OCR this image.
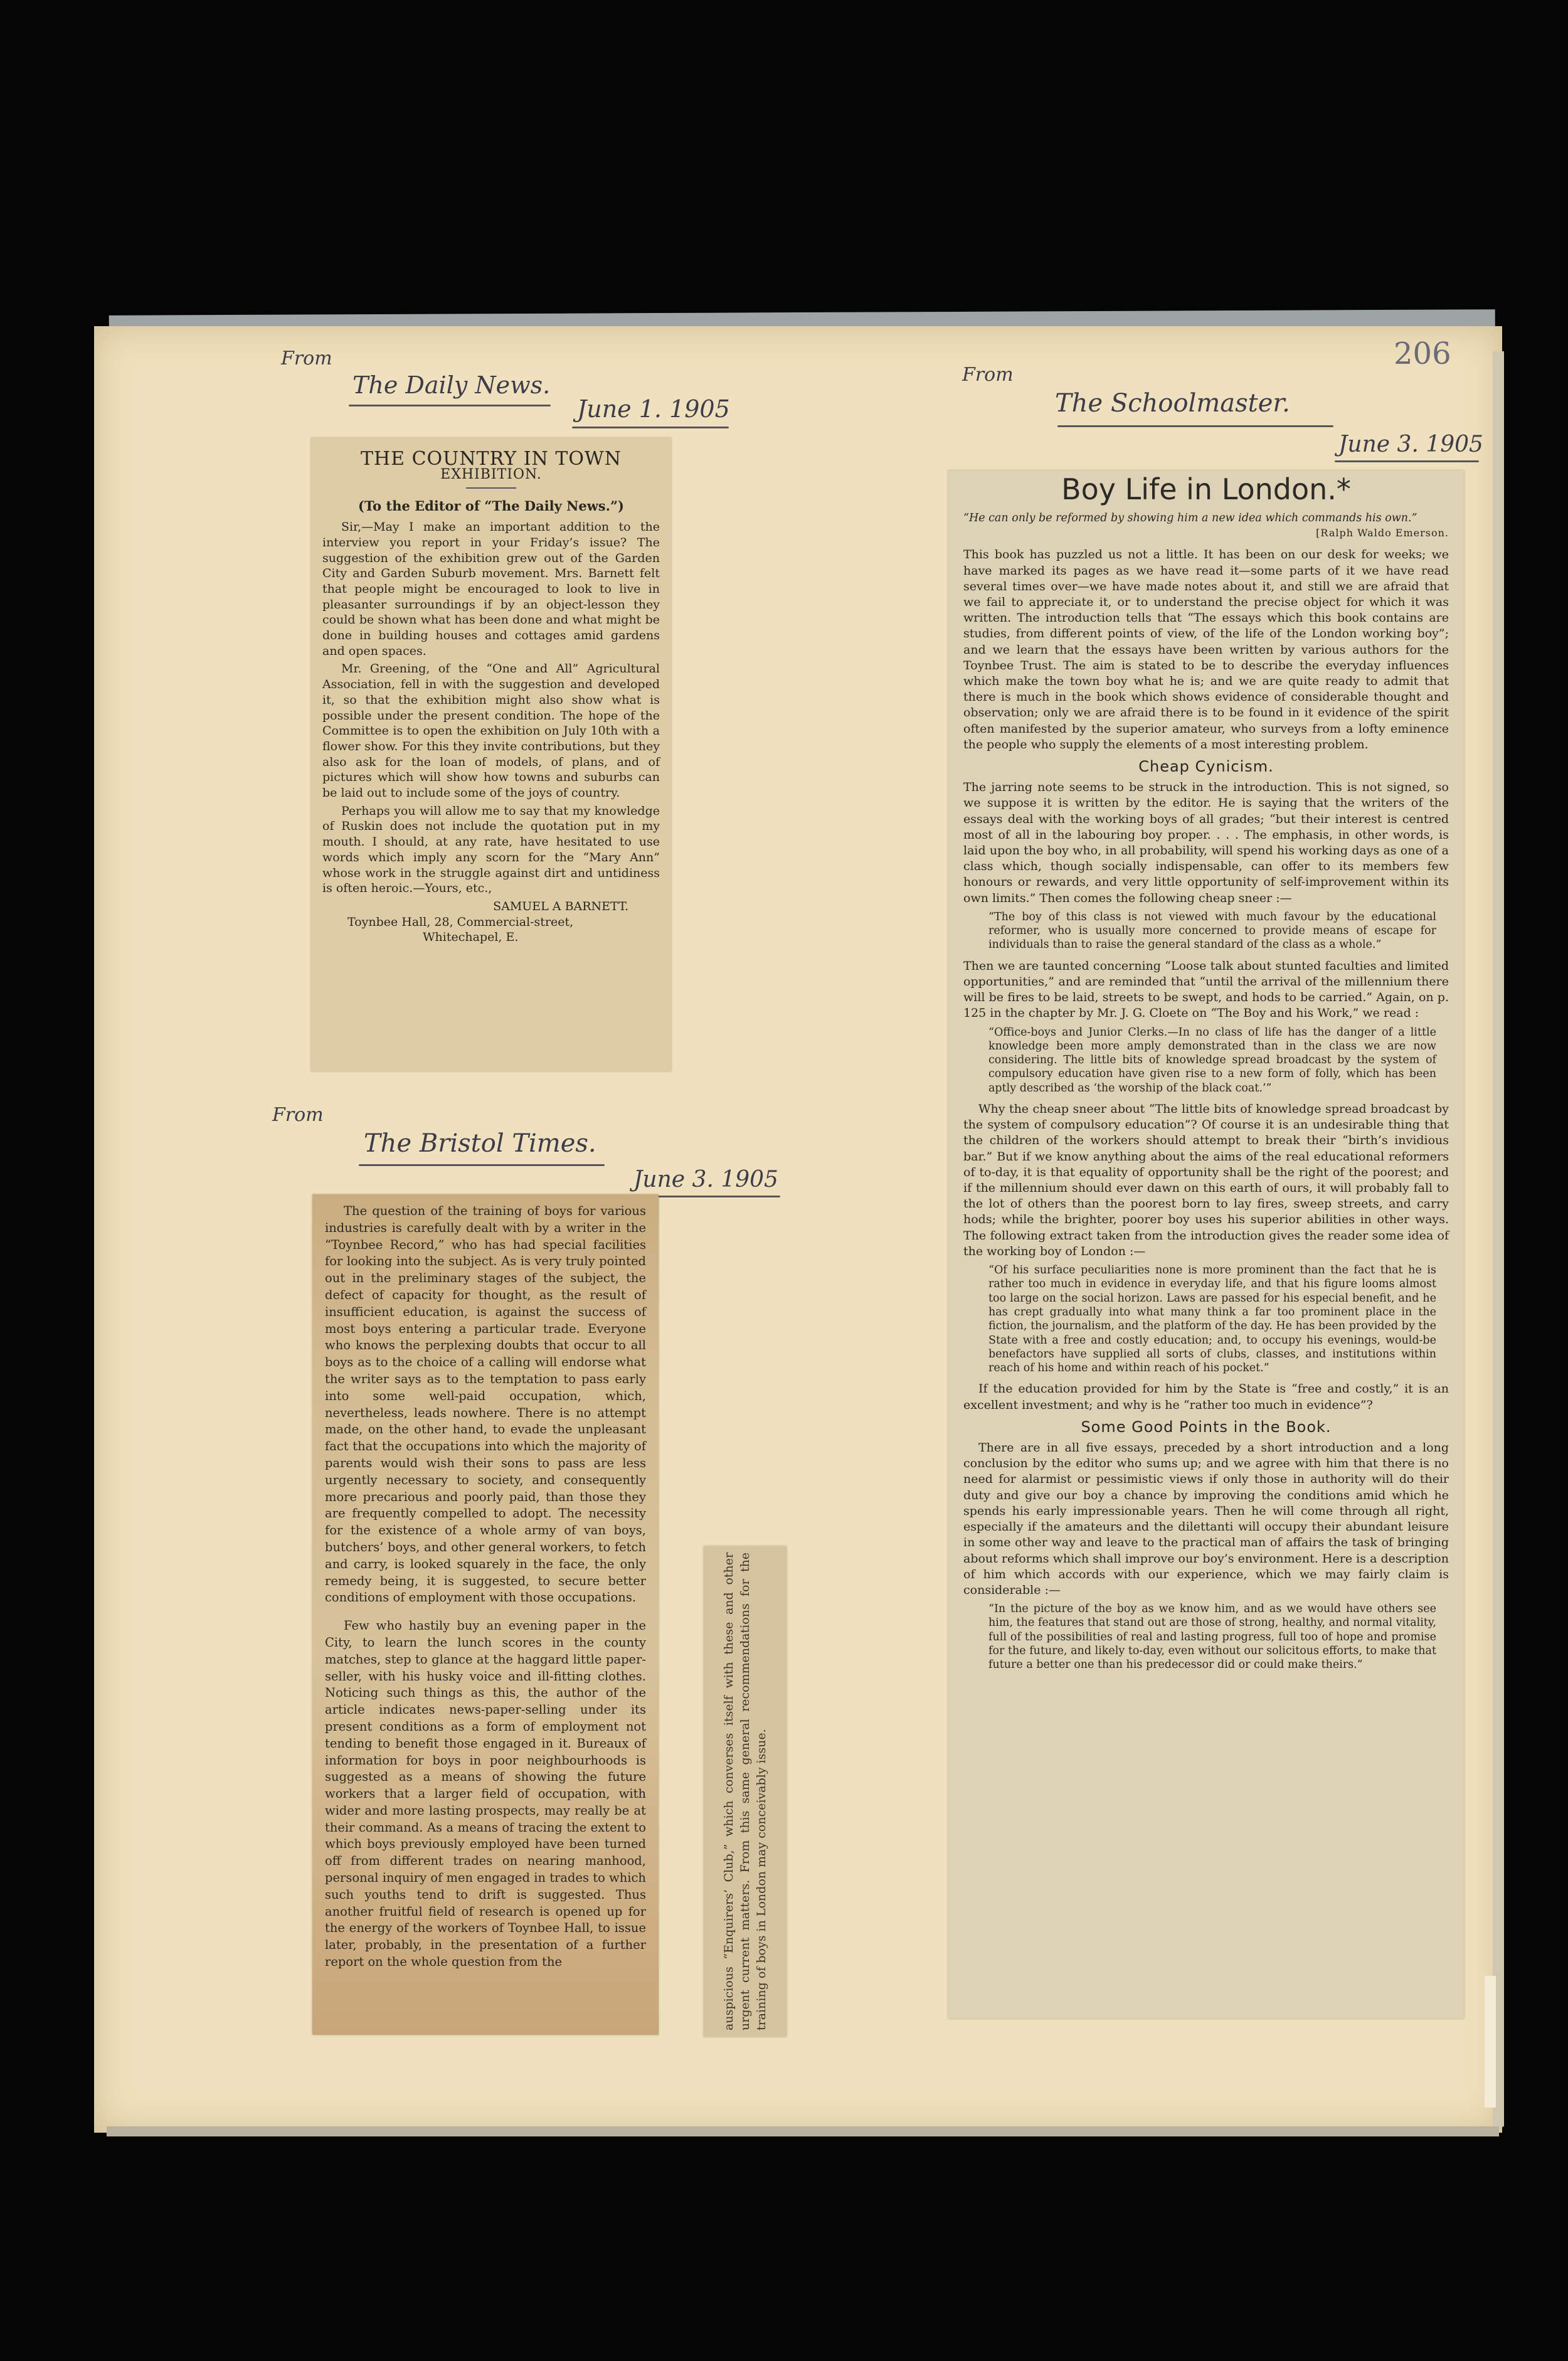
206
From
The Daily News.
June 1. 1905
THE COUNTRY IN TOWN
EXHIBITION.
(To the Editor of “The Daily News.”)

Sir,—May I make an important addition to the interview you report in your Friday’s issue? The suggestion of the exhibition grew out of the Garden City and Garden Suburb movement. Mrs. Barnett felt that people might be encouraged to look to live in pleasanter surroundings if by an object-lesson they could be shown what has been done and what might be done in building houses and cottages amid gardens and open spaces.

Mr. Greening, of the “One and All” Agricultural Association, fell in with the suggestion and developed it, so that the exhibition might also show what is possible under the present condition. The hope of the Committee is to open the exhibition on July 10th with a flower show. For this they invite contributions, but they also ask for the loan of models, of plans, and of pictures which will show how towns and suburbs can be laid out to include some of the joys of country.

Perhaps you will allow me to say that my knowledge of Ruskin does not include the quotation put in my mouth. I should, at any rate, have hesitated to use words which imply any scorn for the “Mary Ann” whose work in the struggle against dirt and untidiness is often heroic.—Yours, etc.,

SAMUEL A BARNETT.

Toynbee Hall, 28, Commercial-street,

Whitechapel, E.

From
The Bristol Times.
June 3. 1905

The question of the training of boys for various industries is carefully dealt with by a writer in the “Toynbee Record,” who has had special facilities for looking into the subject. As is very truly pointed out in the preliminary stages of the subject, the defect of capacity for thought, as the result of insufficient education, is against the success of most boys entering a particular trade. Everyone who knows the perplexing doubts that occur to all boys as to the choice of a calling will endorse what the writer says as to the temptation to pass early into some well-paid occupation, which, nevertheless, leads nowhere. There is no attempt made, on the other hand, to evade the unpleasant fact that the occupations into which the majority of parents would wish their sons to pass are less urgently necessary to society, and consequently more precarious and poorly paid, than those they are frequently compelled to adopt. The necessity for the existence of a whole army of van boys, butchers’ boys, and other general workers, to fetch and carry, is looked squarely in the face, the only remedy being, it is suggested, to secure better conditions of employment with those occupations.

Few who hastily buy an evening paper in the City, to learn the lunch scores in the county matches, step to glance at the haggard little paper-seller, with his husky voice and ill-fitting clothes. Noticing such things as this, the author of the article indicates news-paper-selling under its present conditions as a form of employment not tending to benefit those engaged in it. Bureaux of information for boys in poor neighbourhoods is suggested as a means of showing the future workers that a larger field of occupation, with wider and more lasting prospects, may really be at their command. As a means of tracing the extent to which boys previously employed have been turned off from different trades on nearing manhood, personal inquiry of men engaged in trades to which such youths tend to drift is suggested. Thus another fruitful field of research is opened up for the energy of the workers of Toynbee Hall, to issue later, probably, in the presentation of a further report on the whole question from the	auspicious “Enquirers’ Club,” which converses itself with these and other urgent current matters. From this same general recommendations for the training of boys in London may conceivably issue.
From
The Schoolmaster.
June 3. 1905
Boy Life in London.*

“He can only be reformed by showing him a new idea which commands his own.”

[Ralph Waldo Emerson.

This book has puzzled us not a little. It has been on our desk for weeks; we have marked its pages as we have read it—some parts of it we have read several times over—we have made notes about it, and still we are afraid that we fail to appreciate it, or to understand the precise object for which it was written. The introduction tells that “The essays which this book contains are studies, from different points of view, of the life of the London working boy”; and we learn that the essays have been written by various authors for the Toynbee Trust. The aim is stated to be to describe the everyday influences which make the town boy what he is; and we are quite ready to admit that there is much in the book which shows evidence of considerable thought and observation; only we are afraid there is to be found in it evidence of the spirit often manifested by the superior amateur, who surveys from a lofty eminence the people who supply the elements of a most interesting problem.

Cheap Cynicism.

The jarring note seems to be struck in the introduction. This is not signed, so we suppose it is written by the editor. He is saying that the writers of the essays deal with the working boys of all grades; “but their interest is centred most of all in the labouring boy proper. . . . The emphasis, in other words, is laid upon the boy who, in all probability, will spend his working days as one of a class which, though socially indispensable, can offer to its members few honours or rewards, and very little opportunity of self-improvement within its own limits.” Then comes the following cheap sneer :—

“The boy of this class is not viewed with much favour by the educational reformer, who is usually more concerned to provide means of escape for individuals than to raise the general standard of the class as a whole.”

Then we are taunted concerning “Loose talk about stunted faculties and limited opportunities,” and are reminded that “until the arrival of the millennium there will be fires to be laid, streets to be swept, and hods to be carried.” Again, on p. 125 in the chapter by Mr. J. G. Cloete on “The Boy and his Work,” we read :

“Office-boys and Junior Clerks.—In no class of life has the danger of a little knowledge been more amply demonstrated than in the class we are now considering. The little bits of knowledge spread broadcast by the system of compulsory education have given rise to a new form of folly, which has been aptly described as ‘the worship of the black coat.’”

Why the cheap sneer about “The little bits of knowledge spread broadcast by the system of compulsory education”? Of course it is an undesirable thing that the children of the workers should attempt to break their “birth’s invidious bar.” But if we know anything about the aims of the real educational reformers of to-day, it is that equality of opportunity shall be the right of the poorest; and if the millennium should ever dawn on this earth of ours, it will probably fall to the lot of others than the poorest born to lay fires, sweep streets, and carry hods; while the brighter, poorer boy uses his superior abilities in other ways. The following extract taken from the introduction gives the reader some idea of the working boy of London :—

“Of his surface peculiarities none is more prominent than the fact that he is rather too much in evidence in everyday life, and that his figure looms almost too large on the social horizon. Laws are passed for his especial benefit, and he has crept gradually into what many think a far too prominent place in the fiction, the journalism, and the platform of the day. He has been provided by the State with a free and costly education; and, to occupy his evenings, would-be benefactors have supplied all sorts of clubs, classes, and institutions within reach of his home and within reach of his pocket.”

If the education provided for him by the State is “free and costly,” it is an excellent investment; and why is he “rather too much in evidence”?

Some Good Points in the Book.

There are in all five essays, preceded by a short introduction and a long conclusion by the editor who sums up; and we agree with him that there is no need for alarmist or pessimistic views if only those in authority will do their duty and give our boy a chance by improving the conditions amid which he spends his early impressionable years. Then he will come through all right, especially if the amateurs and the dilettanti will occupy their abundant leisure in some other way and leave to the practical man of affairs the task of bringing about reforms which shall improve our boy’s environment. Here is a description of him which accords with our experience, which we may fairly claim is considerable :—

“In the picture of the boy as we know him, and as we would have others see him, the features that stand out are those of strong, healthy, and normal vitality, full of the possibilities of real and lasting progress, full too of hope and promise for the future, and likely to-day, even without our solicitous efforts, to make that future a better one than his predecessor did or could make theirs.”
